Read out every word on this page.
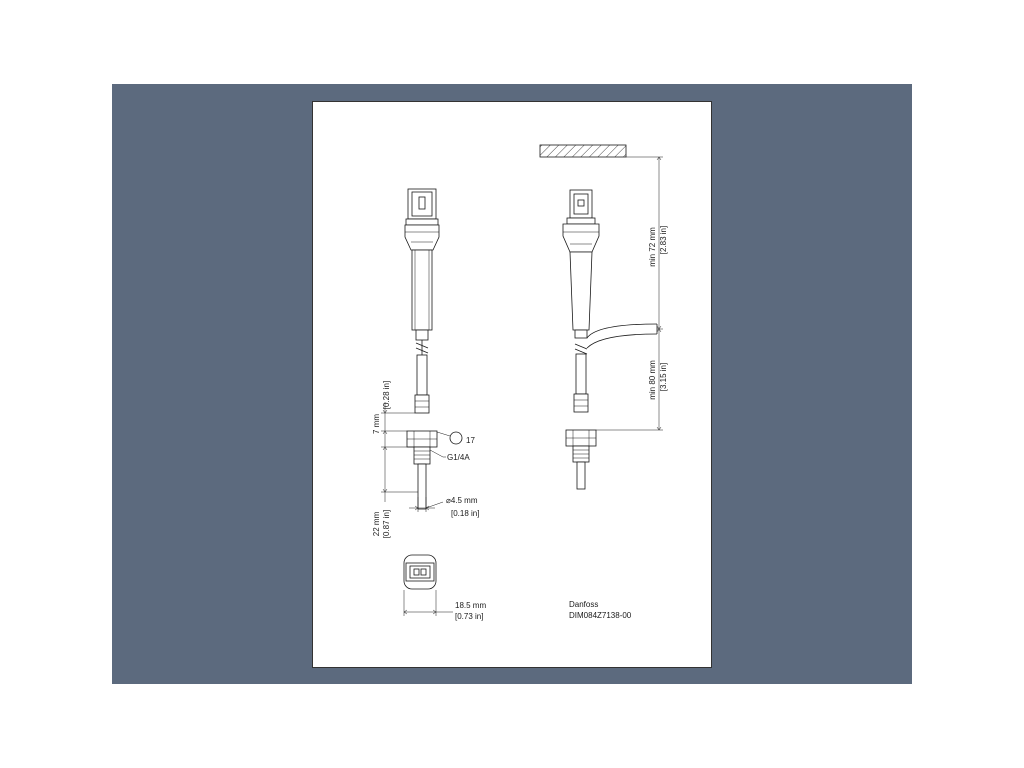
7 mm
[0.28 in]
17
G1/4A
⌀4.5 mm
[0.18 in]
22 mm [0.87 in]
18.5 mm
[0.73 in]
min 72 mm [2.83 in]
min 80 mm [3.15 in]
Danfoss
DIM084Z7138-00
